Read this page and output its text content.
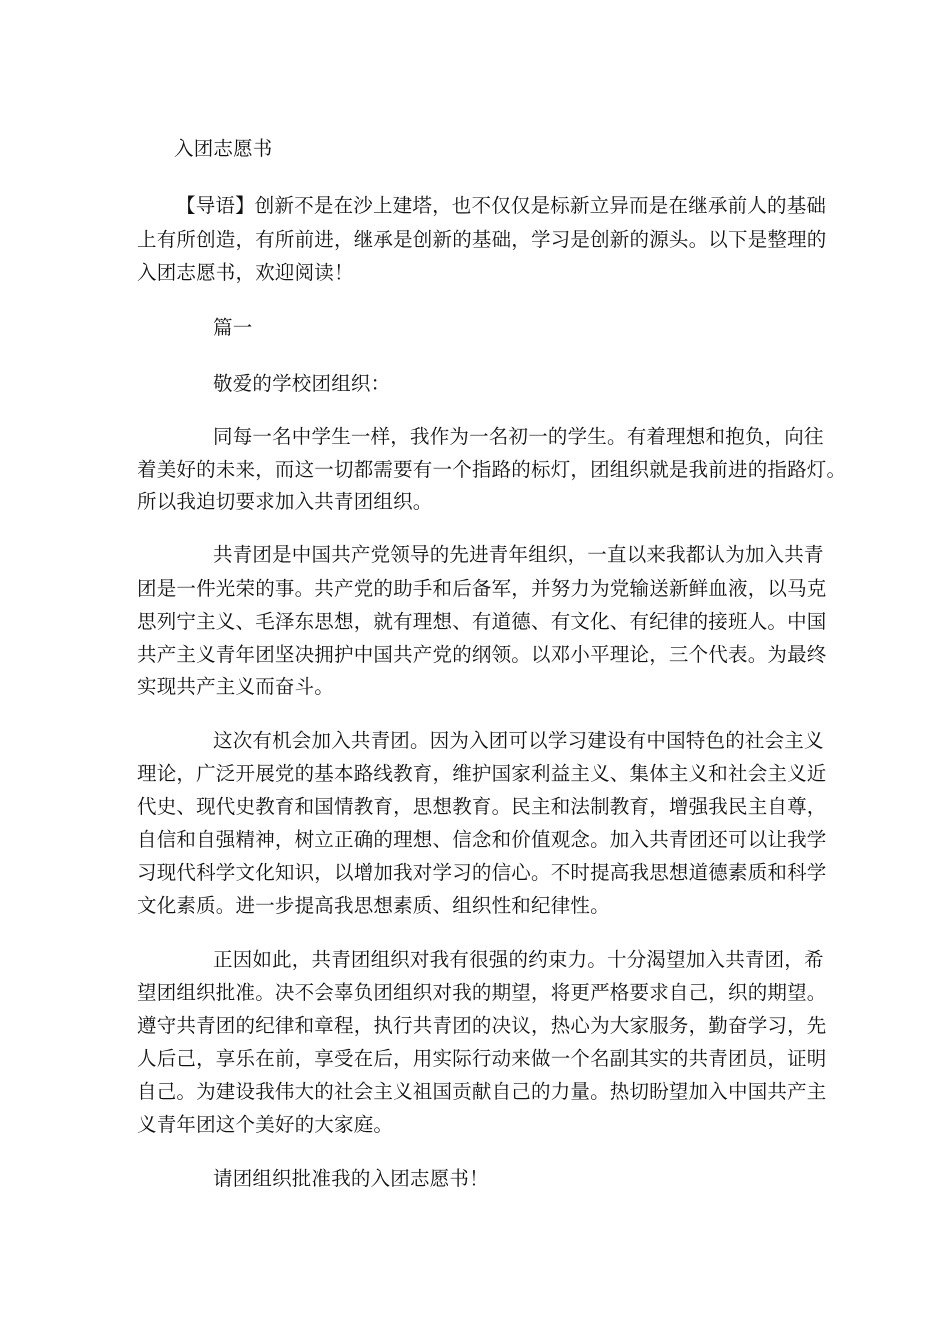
入团志愿书
【导语】创新不是在沙上建塔，也不仅仅是标新立异而是在继承前人的基础
上有所创造，有所前进，继承是创新的基础，学习是创新的源头。以下是整理的
入团志愿书，欢迎阅读！
篇一
敬爱的学校团组织：
同每一名中学生一样，我作为一名初一的学生。有着理想和抱负，向往
着美好的未来，而这一切都需要有一个指路的标灯，团组织就是我前进的指路灯。
所以我迫切要求加入共青团组织。
共青团是中国共产党领导的先进青年组织，一直以来我都认为加入共青
团是一件光荣的事。共产党的助手和后备军，并努力为党输送新鲜血液，以马克
思列宁主义、毛泽东思想，就有理想、有道德、有文化、有纪律的接班人。中国
共产主义青年团坚决拥护中国共产党的纲领。以邓小平理论，三个代表。为最终
实现共产主义而奋斗。
这次有机会加入共青团。因为入团可以学习建设有中国特色的社会主义
理论，广泛开展党的基本路线教育，维护国家利益主义、集体主义和社会主义近
代史、现代史教育和国情教育，思想教育。民主和法制教育，增强我民主自尊，
自信和自强精神，树立正确的理想、信念和价值观念。加入共青团还可以让我学
习现代科学文化知识，以增加我对学习的信心。不时提高我思想道德素质和科学
文化素质。进一步提高我思想素质、组织性和纪律性。
正因如此，共青团组织对我有很强的约束力。十分渴望加入共青团，希
望团组织批准。决不会辜负团组织对我的期望，将更严格要求自己，织的期望。
遵守共青团的纪律和章程，执行共青团的决议，热心为大家服务，勤奋学习，先
人后己，享乐在前，享受在后，用实际行动来做一个名副其实的共青团员，证明
自己。为建设我伟大的社会主义祖国贡献自己的力量。热切盼望加入中国共产主
义青年团这个美好的大家庭。
请团组织批准我的入团志愿书！
